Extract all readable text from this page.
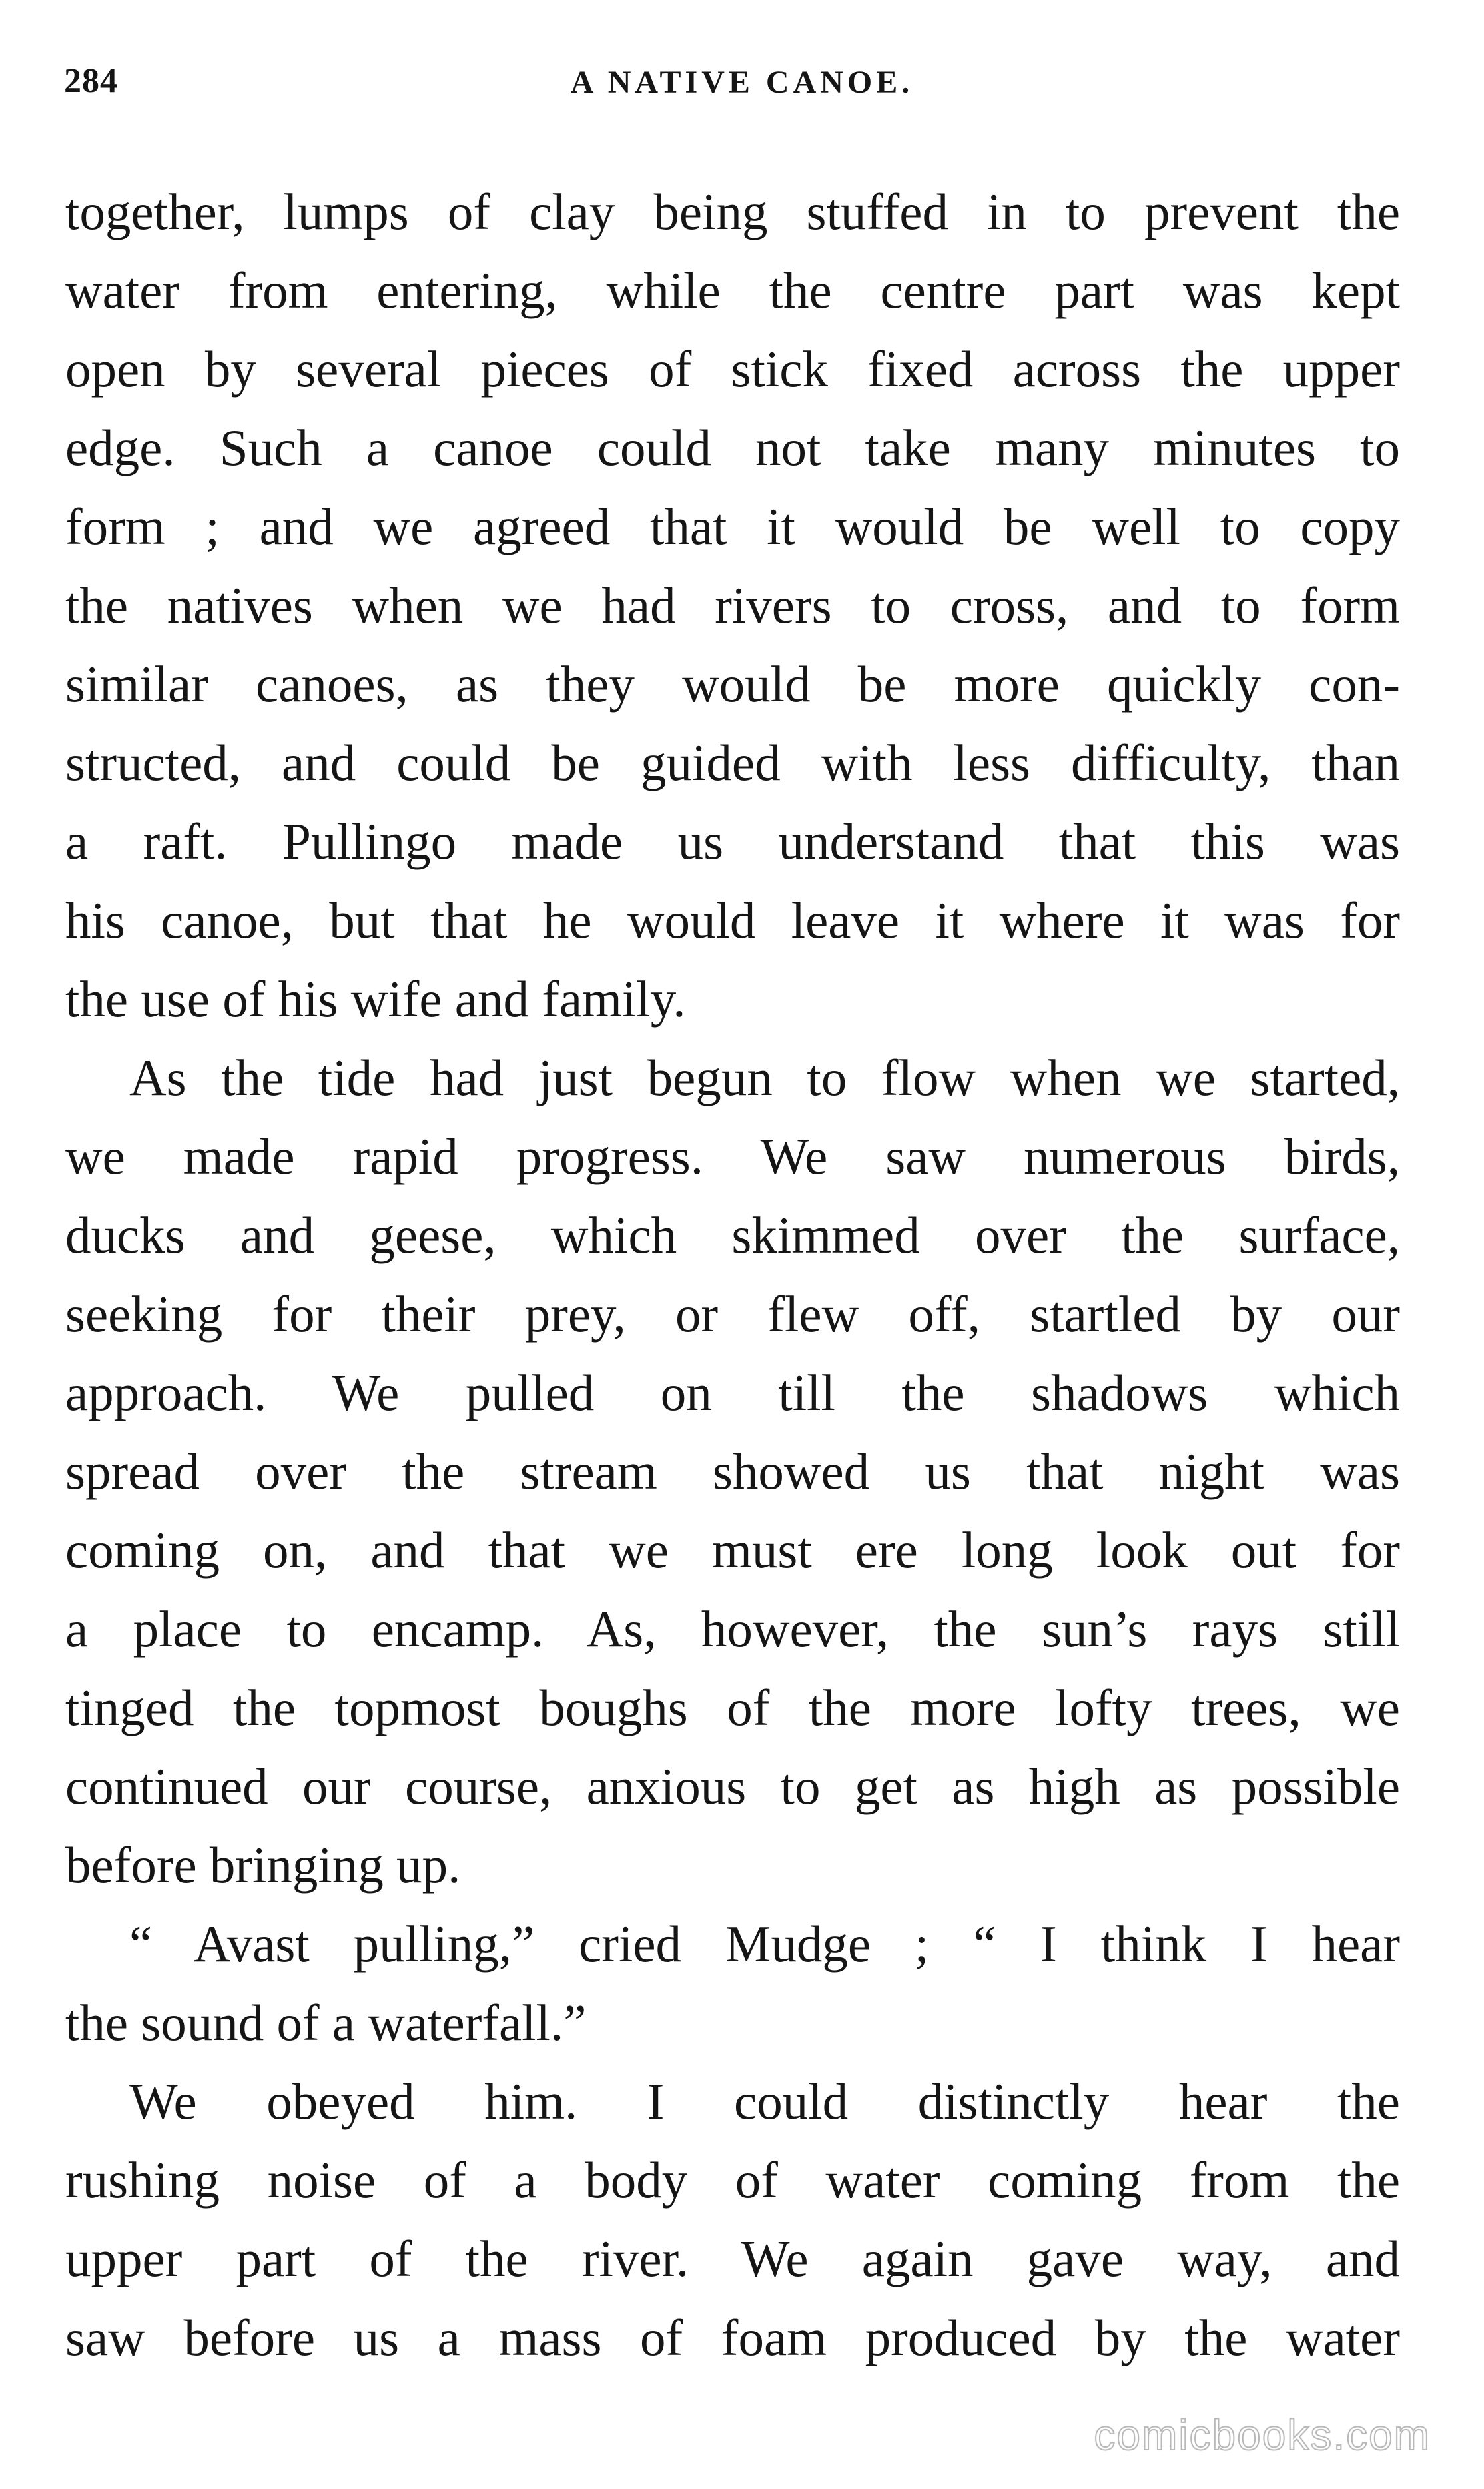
284	A NATIVE CANOE.
together, lumps of clay being stuffed in to prevent the
water from entering, while the centre part was kept
open by several pieces of stick fixed across the upper
edge. Such a canoe could not take many minutes to
form ; and we agreed that it would be well to copy
the natives when we had rivers to cross, and to form
similar canoes, as they would be more quickly con-
structed, and could be guided with less difficulty, than
a raft. Pullingo made us understand that this was
his canoe, but that he would leave it where it was for
the use of his wife and family.
As the tide had just begun to flow when we started,
we made rapid progress. We saw numerous birds,
ducks and geese, which skimmed over the surface,
seeking for their prey, or flew off, startled by our
approach. We pulled on till the shadows which
spread over the stream showed us that night was
coming on, and that we must ere long look out for
a place to encamp. As, however, the sun’s rays still
tinged the topmost boughs of the more lofty trees, we
continued our course, anxious to get as high as possible
before bringing up.
“ Avast pulling,” cried Mudge ; “ I think I hear
the sound of a waterfall.”
We obeyed him. I could distinctly hear the
rushing noise of a body of water coming from the
upper part of the river. We again gave way, and
saw before us a mass of foam produced by the water
comicbooks.com
